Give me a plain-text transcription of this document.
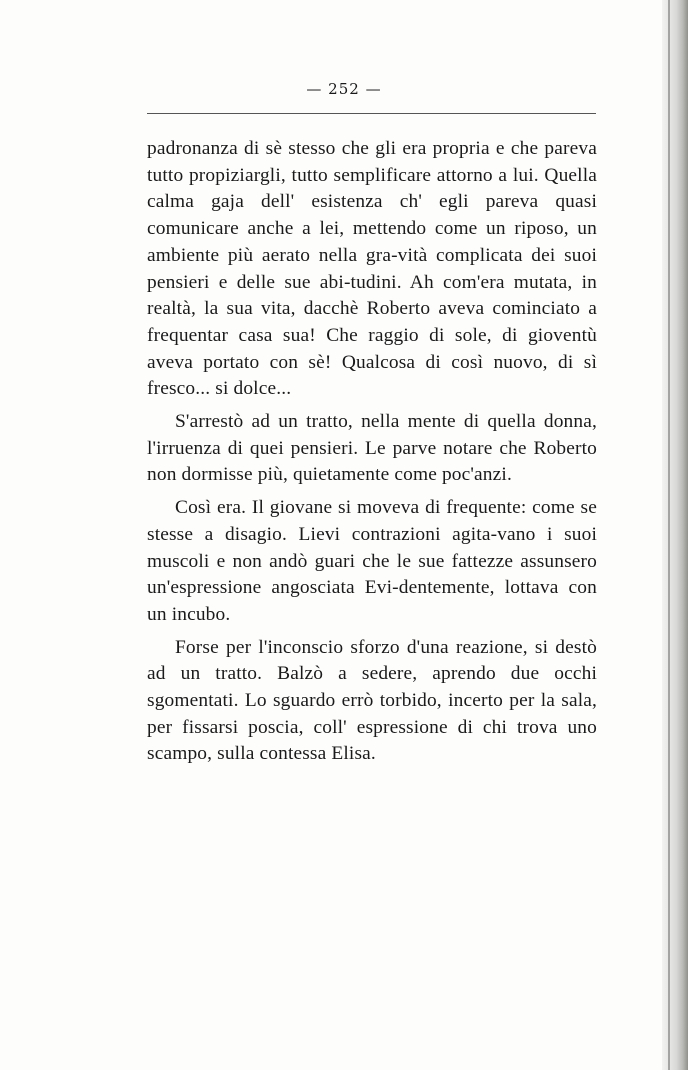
— 252 —

padronanza di sè stesso che gli era propria e che pareva tutto propiziargli, tutto semplificare attorno a lui. Quella calma gaja dell' esistenza ch' egli pareva quasi comunicare anche a lei, mettendo come un riposo, un ambiente più aerato nella gra-vità complicata dei suoi pensieri e delle sue abi-tudini. Ah com'era mutata, in realtà, la sua vita, dacchè Roberto aveva cominciato a frequentar casa sua! Che raggio di sole, di gioventù aveva portato con sè! Qualcosa di così nuovo, di sì fresco... si dolce...

S'arrestò ad un tratto, nella mente di quella donna, l'irruenza di quei pensieri. Le parve notare che Roberto non dormisse più, quietamente come poc'anzi.

Così era. Il giovane si moveva di frequente: come se stesse a disagio. Lievi contrazioni agita-vano i suoi muscoli e non andò guari che le sue fattezze assunsero un'espressione angosciata Evi-dentemente, lottava con un incubo.

Forse per l'inconscio sforzo d'una reazione, si destò ad un tratto. Balzò a sedere, aprendo due occhi sgomentati. Lo sguardo errò torbido, incerto per la sala, per fissarsi poscia, coll' espressione di chi trova uno scampo, sulla contessa Elisa.
